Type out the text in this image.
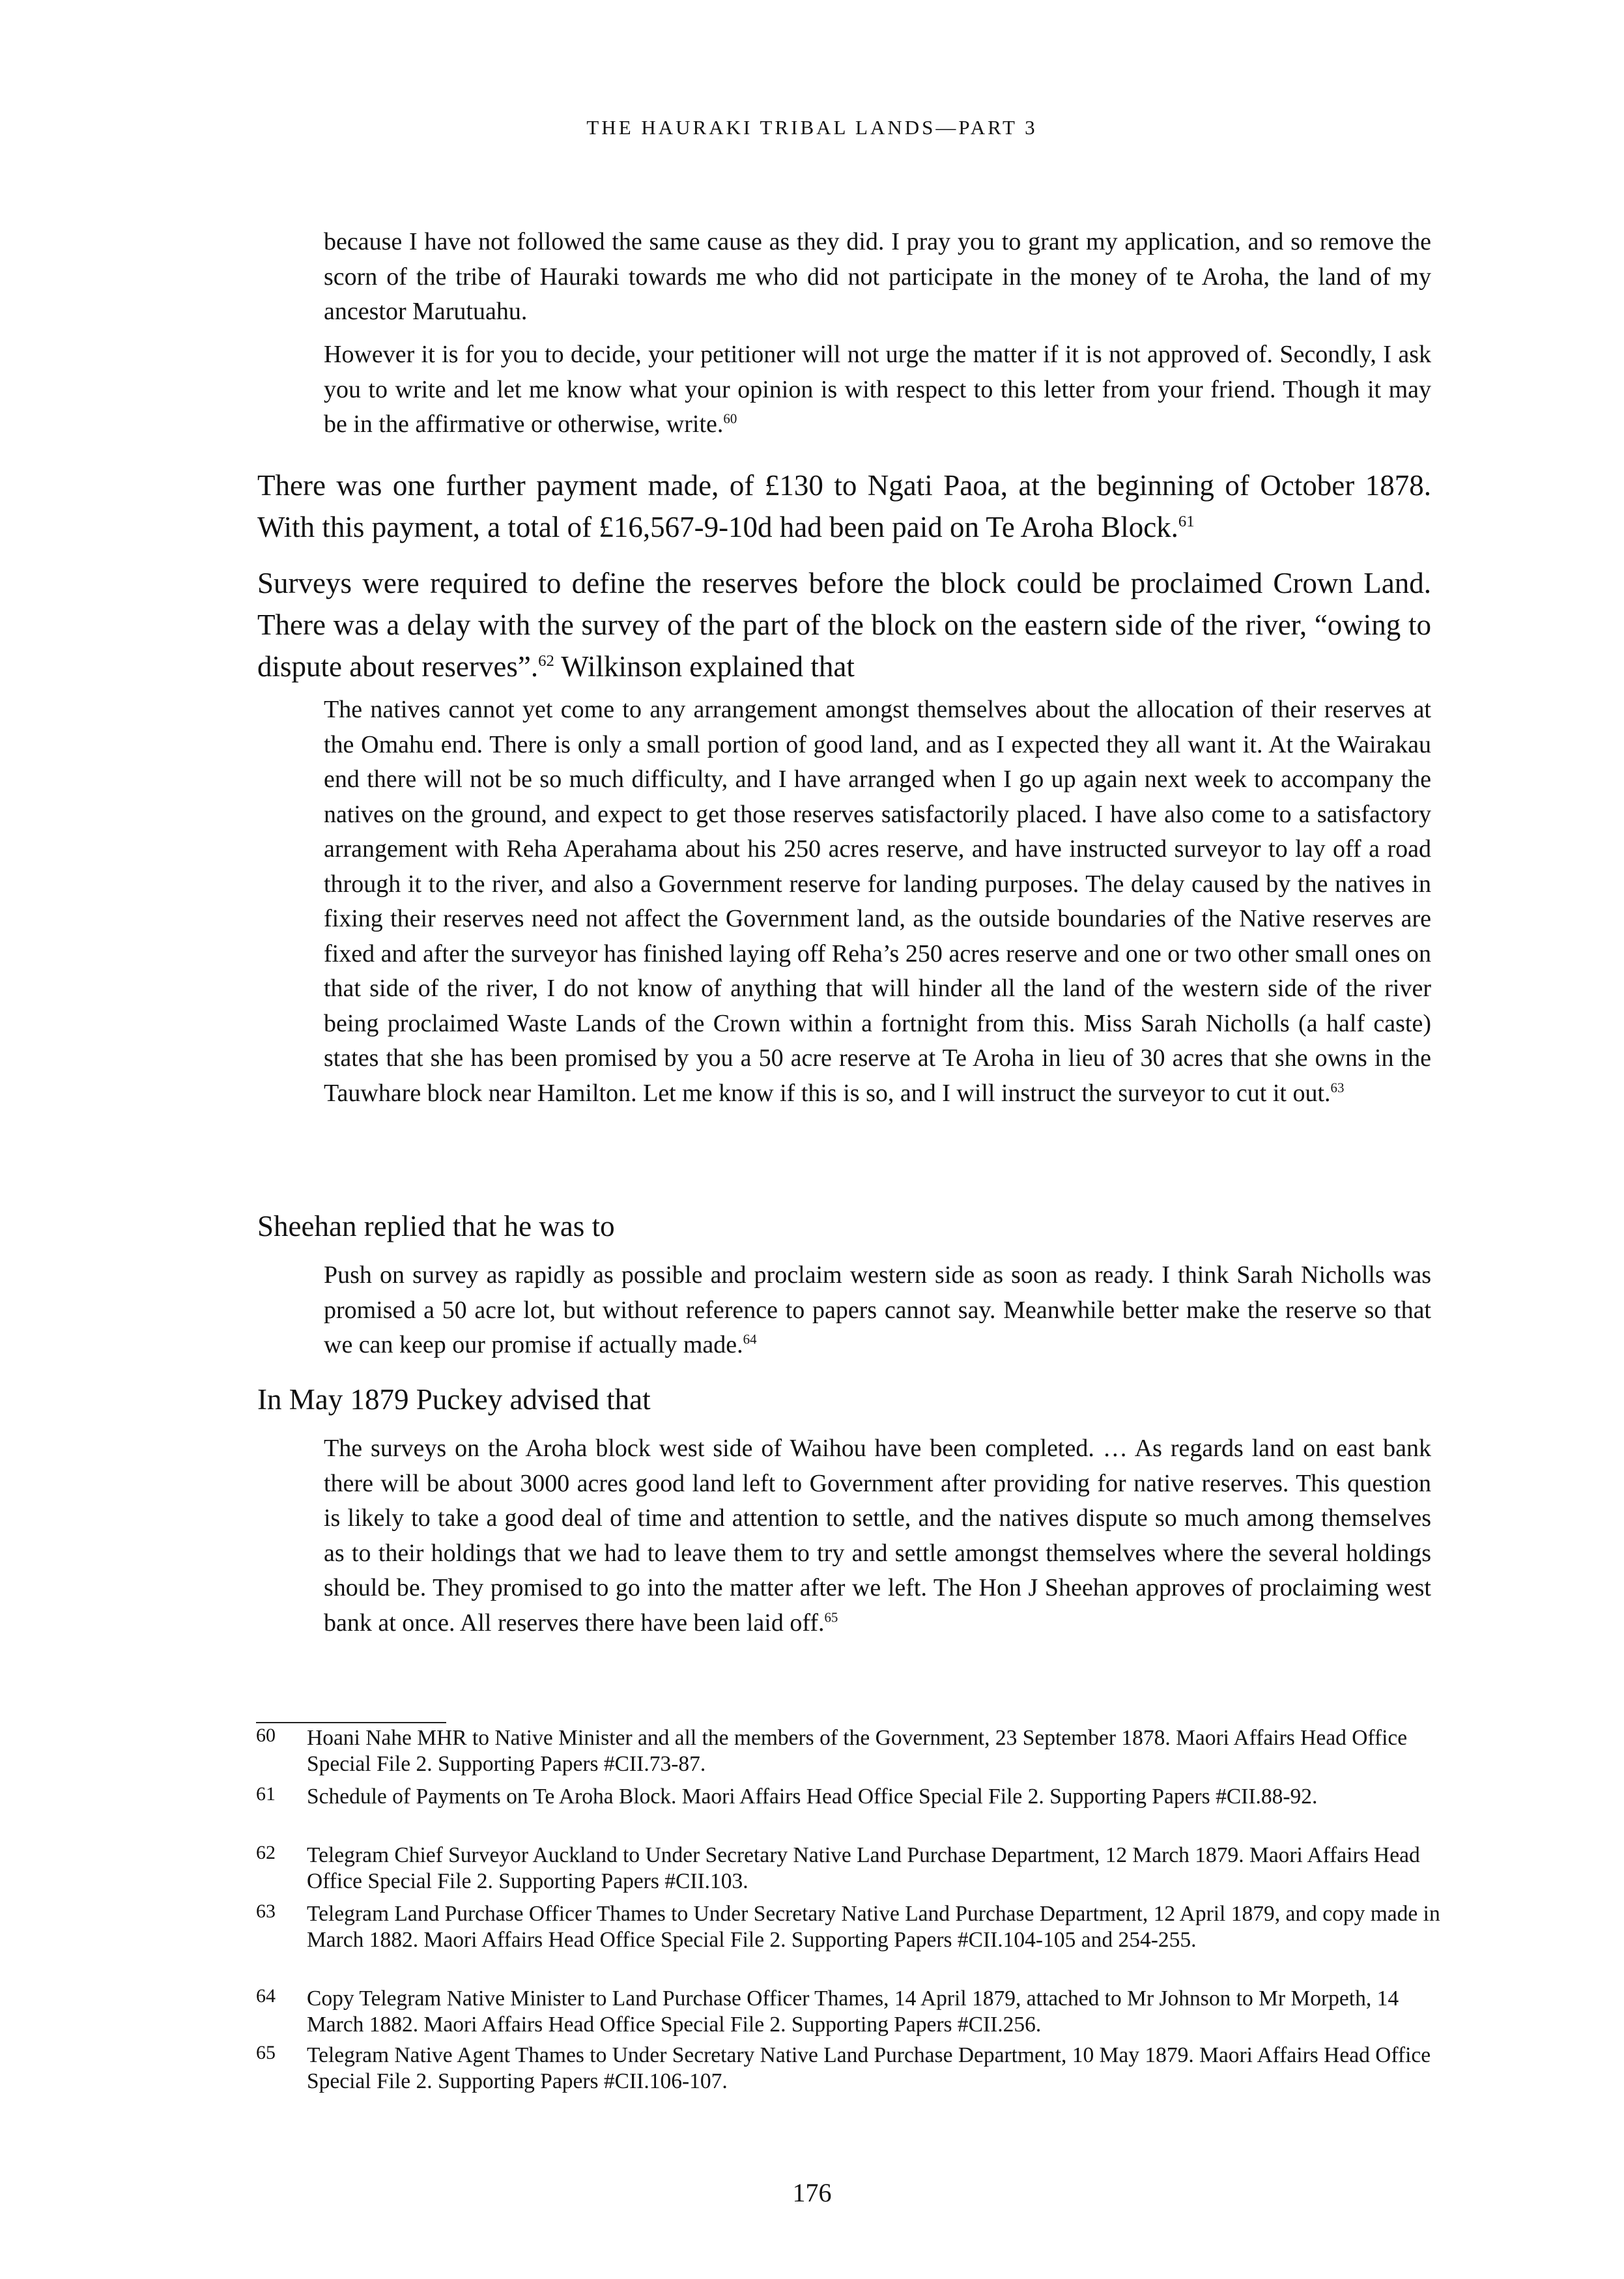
THE HAURAKI TRIBAL LANDS—PART 3

because I have not followed the same cause as they did. I pray you to grant my application, and so remove the scorn of the tribe of Hauraki towards me who did not participate in the money of te Aroha, the land of my ancestor Marutuahu.

However it is for you to decide, your petitioner will not urge the matter if it is not approved of. Secondly, I ask you to write and let me know what your opinion is with respect to this letter from your friend. Though it may be in the affirmative or otherwise, write.$^{60}$

There was one further payment made, of £130 to Ngati Paoa, at the beginning of October 1878. With this payment, a total of £16,567-9-10d had been paid on Te Aroha Block.$^{61}$

Surveys were required to define the reserves before the block could be proclaimed Crown Land. There was a delay with the survey of the part of the block on the eastern side of the river, “owing to dispute about reserves”.$^{62}$ Wilkinson explained that

The natives cannot yet come to any arrangement amongst themselves about the allocation of their reserves at the Omahu end. There is only a small portion of good land, and as I expected they all want it. At the Wairakau end there will not be so much difficulty, and I have arranged when I go up again next week to accompany the natives on the ground, and expect to get those reserves satisfactorily placed. I have also come to a satisfactory arrangement with Reha Aperahama about his 250 acres reserve, and have instructed surveyor to lay off a road through it to the river, and also a Government reserve for landing purposes. The delay caused by the natives in fixing their reserves need not affect the Government land, as the outside boundaries of the Native reserves are fixed and after the surveyor has finished laying off Reha’s 250 acres reserve and one or two other small ones on that side of the river, I do not know of anything that will hinder all the land of the western side of the river being proclaimed Waste Lands of the Crown within a fortnight from this. Miss Sarah Nicholls (a half caste) states that she has been promised by you a 50 acre reserve at Te Aroha in lieu of 30 acres that she owns in the Tauwhare block near Hamilton. Let me know if this is so, and I will instruct the surveyor to cut it out.$^{63}$

Sheehan replied that he was to

Push on survey as rapidly as possible and proclaim western side as soon as ready. I think Sarah Nicholls was promised a 50 acre lot, but without reference to papers cannot say. Meanwhile better make the reserve so that we can keep our promise if actually made.$^{64}$

In May 1879 Puckey advised that

The surveys on the Aroha block west side of Waihou have been completed. … As regards land on east bank there will be about 3000 acres good land left to Government after providing for native reserves. This question is likely to take a good deal of time and attention to settle, and the natives dispute so much among themselves as to their holdings that we had to leave them to try and settle amongst themselves where the several holdings should be. They promised to go into the matter after we left. The Hon J Sheehan approves of proclaiming west bank at once. All reserves there have been laid off.$^{65}$

60 Hoani Nahe MHR to Native Minister and all the members of the Government, 23 September 1878. Maori Affairs Head Office Special File 2. Supporting Papers #CII.73-87.
61 Schedule of Payments on Te Aroha Block. Maori Affairs Head Office Special File 2. Supporting Papers #CII.88-92.
62 Telegram Chief Surveyor Auckland to Under Secretary Native Land Purchase Department, 12 March 1879. Maori Affairs Head Office Special File 2. Supporting Papers #CII.103.
63 Telegram Land Purchase Officer Thames to Under Secretary Native Land Purchase Department, 12 April 1879, and copy made in March 1882. Maori Affairs Head Office Special File 2. Supporting Papers #CII.104-105 and 254-255.
64 Copy Telegram Native Minister to Land Purchase Officer Thames, 14 April 1879, attached to Mr Johnson to Mr Morpeth, 14 March 1882. Maori Affairs Head Office Special File 2. Supporting Papers #CII.256.
65 Telegram Native Agent Thames to Under Secretary Native Land Purchase Department, 10 May 1879. Maori Affairs Head Office Special File 2. Supporting Papers #CII.106-107.
176
